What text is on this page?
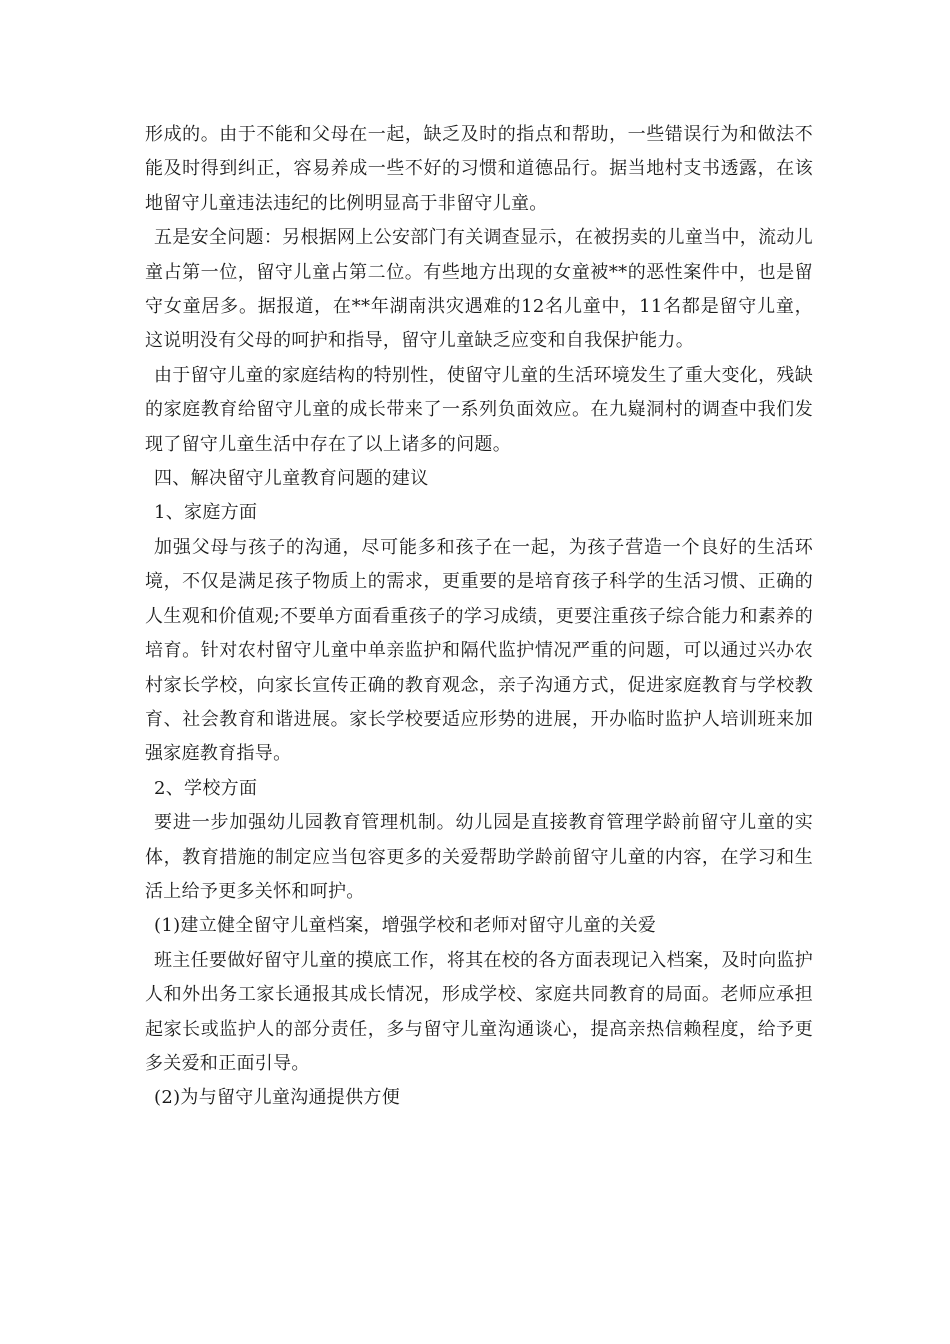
形成的。由于不能和父母在一起，缺乏及时的指点和帮助，一些错误行为和做法不能及时得到纠正，容易养成一些不好的习惯和道德品行。据当地村支书透露，在该地留守儿童违法违纪的比例明显高于非留守儿童。

五是安全问题：另根据网上公安部门有关调查显示，在被拐卖的儿童当中，流动儿童占第一位，留守儿童占第二位。有些地方出现的女童被**的恶性案件中，也是留守女童居多。据报道，在**年湖南洪灾遇难的12名儿童中，11名都是留守儿童，这说明没有父母的呵护和指导，留守儿童缺乏应变和自我保护能力。

由于留守儿童的家庭结构的特别性，使留守儿童的生活环境发生了重大变化，残缺的家庭教育给留守儿童的成长带来了一系列负面效应。在九嶷洞村的调查中我们发现了留守儿童生活中存在了以上诸多的问题。

四、解决留守儿童教育问题的建议

1、家庭方面

加强父母与孩子的沟通，尽可能多和孩子在一起，为孩子营造一个良好的生活环境，不仅是满足孩子物质上的需求，更重要的是培育孩子科学的生活习惯、正确的人生观和价值观;不要单方面看重孩子的学习成绩，更要注重孩子综合能力和素养的培育。针对农村留守儿童中单亲监护和隔代监护情况严重的问题，可以通过兴办农村家长学校，向家长宣传正确的教育观念，亲子沟通方式，促进家庭教育与学校教育、社会教育和谐进展。家长学校要适应形势的进展，开办临时监护人培训班来加强家庭教育指导。

2、学校方面

要进一步加强幼儿园教育管理机制。幼儿园是直接教育管理学龄前留守儿童的实体，教育措施的制定应当包容更多的关爱帮助学龄前留守儿童的内容，在学习和生活上给予更多关怀和呵护。

(1)建立健全留守儿童档案，增强学校和老师对留守儿童的关爱

班主任要做好留守儿童的摸底工作，将其在校的各方面表现记入档案，及时向监护人和外出务工家长通报其成长情况，形成学校、家庭共同教育的局面。老师应承担起家长或监护人的部分责任，多与留守儿童沟通谈心，提高亲热信赖程度，给予更多关爱和正面引导。

(2)为与留守儿童沟通提供方便
